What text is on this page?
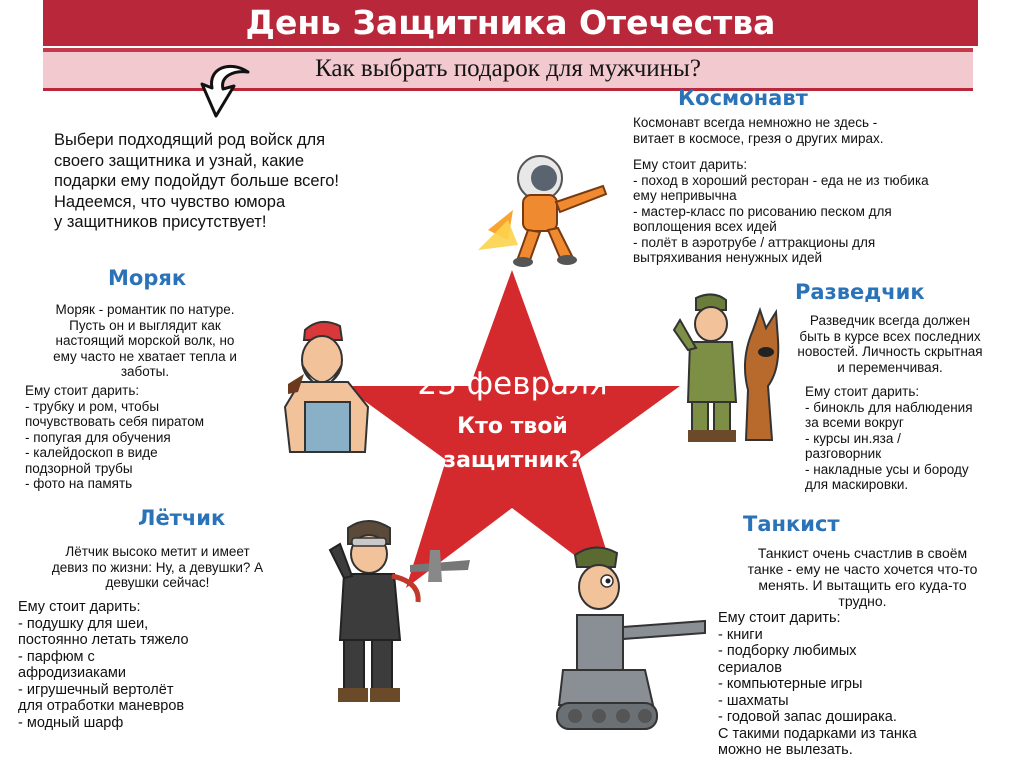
День Защитника Отечества
Как выбрать подарок для мужчины?
Выбери подходящий род войск для
своего защитника и узнай, какие
подарки ему подойдут больше всего!
Надеемся, что чувство юмора
у защитников присутствует!
23 февраля
Кто твой
защитник?
Космонавт
Космонавт всегда немножно не здесь -
витает в космосе, грезя о других мирах.
Ему стоит дарить:
- поход в хороший ресторан - еда не из тюбика
ему непривычна
- мастер-класс по рисованию песком для
воплощения всех идей
- полёт в аэротрубе / аттракционы для
вытряхивания ненужных идей
Моряк
Моряк - романтик по натуре.
Пусть он и выглядит как
настоящий морской волк, но
ему часто не хватает тепла и
заботы.
Ему стоит дарить:
- трубку и ром, чтобы
почувствовать себя пиратом
- попугая для обучения
- калейдоскоп в виде
подзорной трубы
- фото на память
Разведчик
Разведчик всегда должен
быть в курсе всех последних
новостей. Личность скрытная
и переменчивая.
Ему стоит дарить:
- бинокль для наблюдения
за всеми вокруг
- курсы ин.яза /
разговорник
- накладные усы и бороду
для маскировки.
Лётчик
Лётчик высоко метит и имеет
девиз по жизни: Ну, а девушки? А
девушки сейчас!
Ему стоит дарить:
- подушку для шеи,
постоянно летать тяжело
- парфюм с
афродизиаками
- игрушечный вертолёт
для отработки маневров
- модный шарф
Танкист
Танкист очень счастлив в своём
танке - ему не часто хочется что-то
менять. И вытащить его куда-то
трудно.
Ему стоит дарить:
- книги
- подборку любимых
сериалов
- компьютерные игры
- шахматы
- годовой запас доширака.
С такими подарками из танка
можно не вылезать.
